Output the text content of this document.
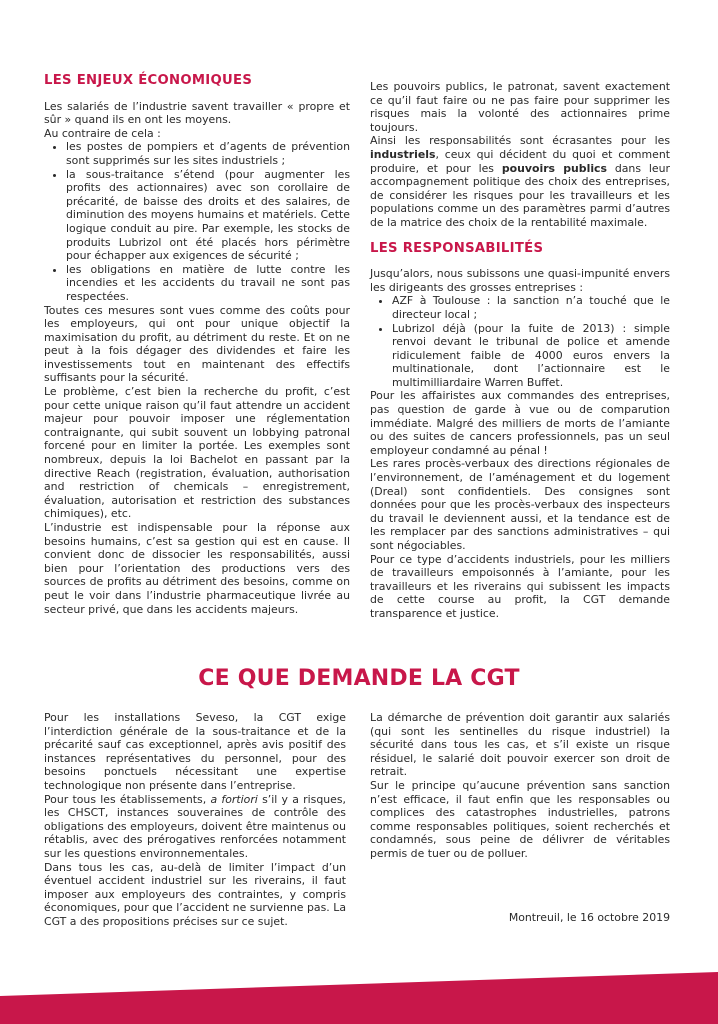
LES ENJEUX ÉCONOMIQUES

Les salariés de l’industrie savent travailler « propre et sûr » quand ils en ont les moyens.

Au contraire de cela :

• les postes de pompiers et d’agents de prévention sont supprimés sur les sites industriels ;
• la sous-traitance s’étend (pour augmenter les profits des actionnaires) avec son corollaire de précarité, de baisse des droits et des salaires, de diminution des moyens humains et matériels. Cette logique conduit au pire. Par exemple, les stocks de produits Lubrizol ont été placés hors périmètre pour échapper aux exigences de sécurité ;
• les obligations en matière de lutte contre les incendies et les accidents du travail ne sont pas respectées.

Toutes ces mesures sont vues comme des coûts pour les employeurs, qui ont pour unique objectif la maximisation du profit, au détriment du reste. Et on ne peut à la fois dégager des dividendes et faire les investissements tout en maintenant des effectifs suffisants pour la sécurité.

Le problème, c’est bien la recherche du profit, c’est pour cette unique raison qu’il faut attendre un accident majeur pour pouvoir imposer une réglementation contraignante, qui subit souvent un lobbying patronal forcené pour en limiter la portée. Les exemples sont nombreux, depuis la loi Bachelot en passant par la directive Reach (registration, évaluation, authorisation and restriction of chemicals – enregistrement, évaluation, autorisation et restriction des substances chimiques), etc.

L’industrie est indispensable pour la réponse aux besoins humains, c’est sa gestion qui est en cause. Il convient donc de dissocier les responsabilités, aussi bien pour l’orientation des productions vers des sources de profits au détriment des besoins, comme on peut le voir dans l’industrie pharmaceutique livrée au secteur privé, que dans les accidents majeurs.

Les pouvoirs publics, le patronat, savent exactement ce qu’il faut faire ou ne pas faire pour supprimer les risques mais la volonté des actionnaires prime toujours.

Ainsi les responsabilités sont écrasantes pour les industriels, ceux qui décident du quoi et comment produire, et pour les pouvoirs publics dans leur accompagnement politique des choix des entreprises, de considérer les risques pour les travailleurs et les populations comme un des paramètres parmi d’autres de la matrice des choix de la rentabilité maximale.

LES RESPONSABILITÉS

Jusqu’alors, nous subissons une quasi-impunité envers les dirigeants des grosses entreprises :

• AZF à Toulouse : la sanction n’a touché que le directeur local ;
• Lubrizol déjà (pour la fuite de 2013) : simple renvoi devant le tribunal de police et amende ridiculement faible de 4000 euros envers la multinationale, dont l’actionnaire est le multimilliardaire Warren Buffet.

Pour les affairistes aux commandes des entreprises, pas question de garde à vue ou de comparution immédiate. Malgré des milliers de morts de l’amiante ou des suites de cancers professionnels, pas un seul employeur condamné au pénal !

Les rares procès-verbaux des directions régionales de l’environnement, de l’aménagement et du logement (Dreal) sont confidentiels. Des consignes sont données pour que les procès-verbaux des inspecteurs du travail le deviennent aussi, et la tendance est de les remplacer par des sanctions administratives – qui sont négociables.

Pour ce type d’accidents industriels, pour les milliers de travailleurs empoisonnés à l’amiante, pour les travailleurs et les riverains qui subissent les impacts de cette course au profit, la CGT demande transparence et justice.

CE QUE DEMANDE LA CGT

Pour les installations Seveso, la CGT exige l’interdiction générale de la sous-traitance et de la précarité sauf cas exceptionnel, après avis positif des instances représentatives du personnel, pour des besoins ponctuels nécessitant une expertise technologique non présente dans l’entreprise.

Pour tous les établissements, a fortiori s’il y a risques, les CHSCT, instances souveraines de contrôle des obligations des employeurs, doivent être maintenus ou rétablis, avec des prérogatives renforcées notamment sur les questions environnementales.

Dans tous les cas, au-delà de limiter l’impact d’un éventuel accident industriel sur les riverains, il faut imposer aux employeurs des contraintes, y compris économiques, pour que l’accident ne survienne pas. La CGT a des propositions précises sur ce sujet.

La démarche de prévention doit garantir aux salariés (qui sont les sentinelles du risque industriel) la sécurité dans tous les cas, et s’il existe un risque résiduel, le salarié doit pouvoir exercer son droit de retrait.

Sur le principe qu’aucune prévention sans sanction n’est efficace, il faut enfin que les responsables ou complices des catastrophes industrielles, patrons comme responsables politiques, soient recherchés et condamnés, sous peine de délivrer de véritables permis de tuer ou de polluer.

Montreuil, le 16 octobre 2019
